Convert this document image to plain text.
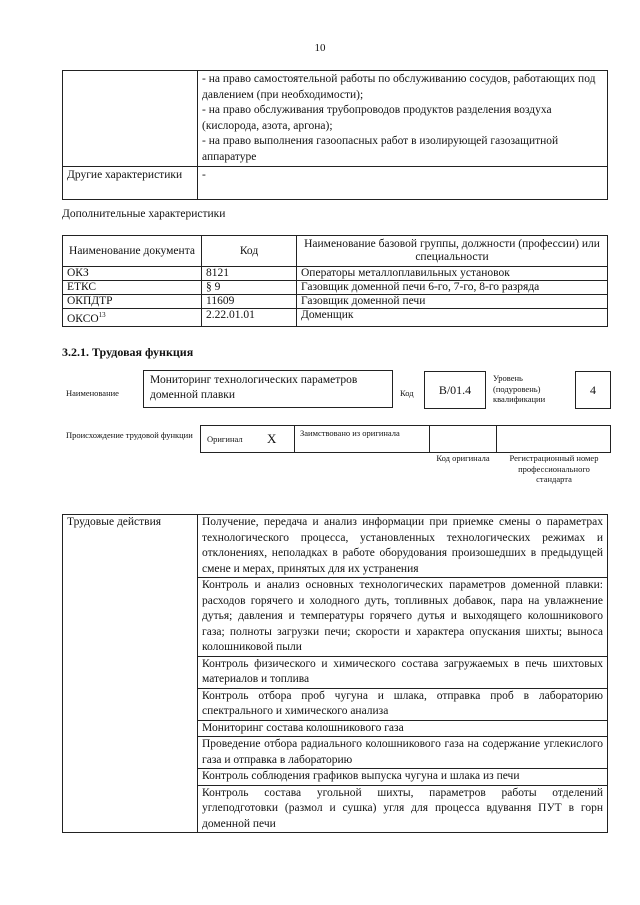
10

	- на право самостоятельной работы по обслуживанию сосудов, работающих под давлением (при необходимости);
- на право обслуживания трубопроводов продуктов разделения воздуха (кислорода, азота, аргона);
- на право выполнения газоопасных работ в изолирующей газозащитной аппаратуре

Другие характеристики	-
Дополнительные характеристики
Наименование документа	Код	Наименование базовой группы, должности (профессии) или специальности
ОКЗ	8121	Операторы металлоплавильных установок
ЕТКС	§ 9	Газовщик доменной печи 6-го, 7-го, 8-го разряда
ОКПДТР	11609	Газовщик доменной печи
ОКСО$^{13}$	2.22.01.01	Доменщик
3.2.1. Трудовая функция
Наименование
Мониторинг технологических параметров доменной плавки	Код	B/01.4
Уровень (подуровень) квалификации
4
Происхождение трудовой функции	Оригинал X	Заимствовано из оригинала
Код оригинала	Регистрационный номер профессионального стандарта
Трудовые действия	Получение, передача и анализ информации при приемке смены о параметрах технологического процесса, установленных технологических режимах и отклонениях, неполадках в работе оборудования произошедших в предыдущей смене и мерах, принятых для их устранения
Контроль и анализ основных технологических параметров доменной плавки: расходов горячего и холодного дуть, топливных добавок, пара на увлажнение дутья; давления и температуры горячего дутья и выходящего колошникового газа; полноты загрузки печи; скорости и характера опускания шихты; выноса колошниковой пыли
Контроль физического и химического состава загружаемых в печь шихтовых материалов и топлива
Контроль отбора проб чугуна и шлака, отправка проб в лабораторию спектрального и химического анализа
Мониторинг состава колошникового газа
Проведение отбора радиального колошникового газа на содержание углекислого газа и отправка в лабораторию
Контроль соблюдения графиков выпуска чугуна и шлака из печи
Контроль состава угольной шихты, параметров работы отделений углеподготовки (размол и сушка) угля для процесса вдування ПУТ в горн доменной печи
